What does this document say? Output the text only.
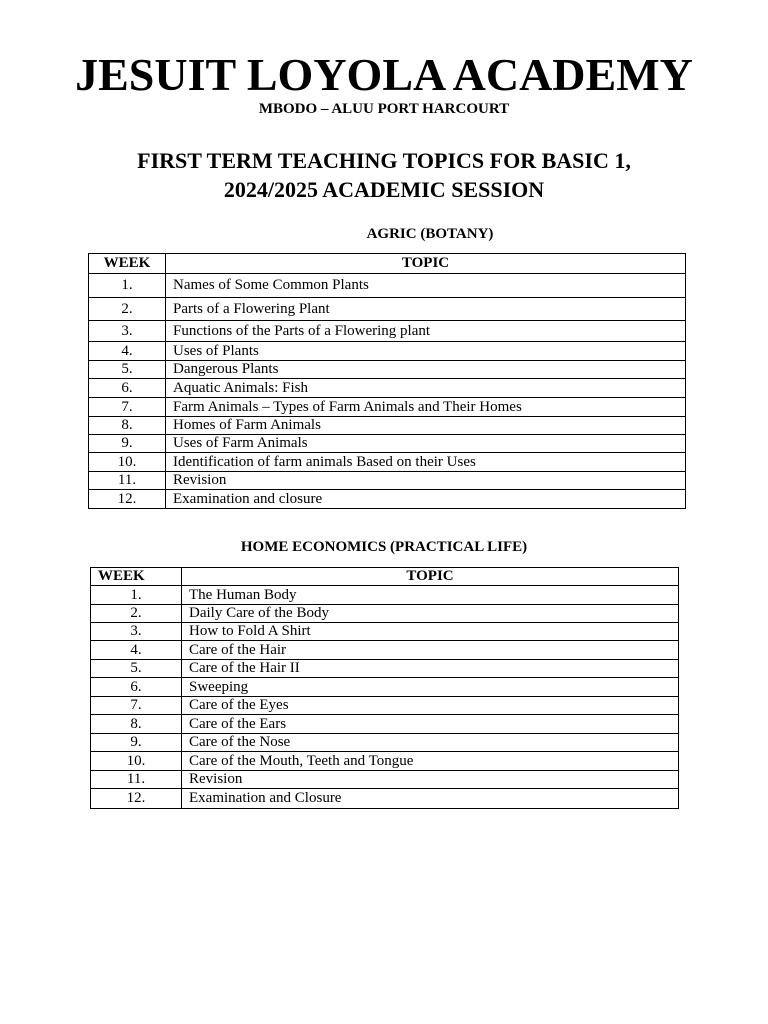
JESUIT LOYOLA ACADEMY
MBODO – ALUU PORT HARCOURT
FIRST TERM TEACHING TOPICS FOR BASIC 1,
2024/2025 ACADEMIC SESSION
AGRIC (BOTANY)
WEEK	TOPIC
1.	Names of Some Common Plants
2.	Parts of a Flowering Plant
3.	Functions of the Parts of a Flowering plant
4.	Uses of Plants
5.	Dangerous Plants
6.	Aquatic Animals: Fish
7.	Farm Animals – Types of Farm Animals and Their Homes
8.	Homes of Farm Animals
9.	Uses of Farm Animals
10.	Identification of farm animals Based on their Uses
11.	Revision
12.	Examination and closure
HOME ECONOMICS (PRACTICAL LIFE)
WEEK	TOPIC
1.	The Human Body
2.	Daily Care of the Body
3.	How to Fold A Shirt
4.	Care of the Hair
5.	Care of the Hair II
6.	Sweeping
7.	Care of the Eyes
8.	Care of the Ears
9.	Care of the Nose
10.	Care of the Mouth, Teeth and Tongue
11.	Revision
12.	Examination and Closure
